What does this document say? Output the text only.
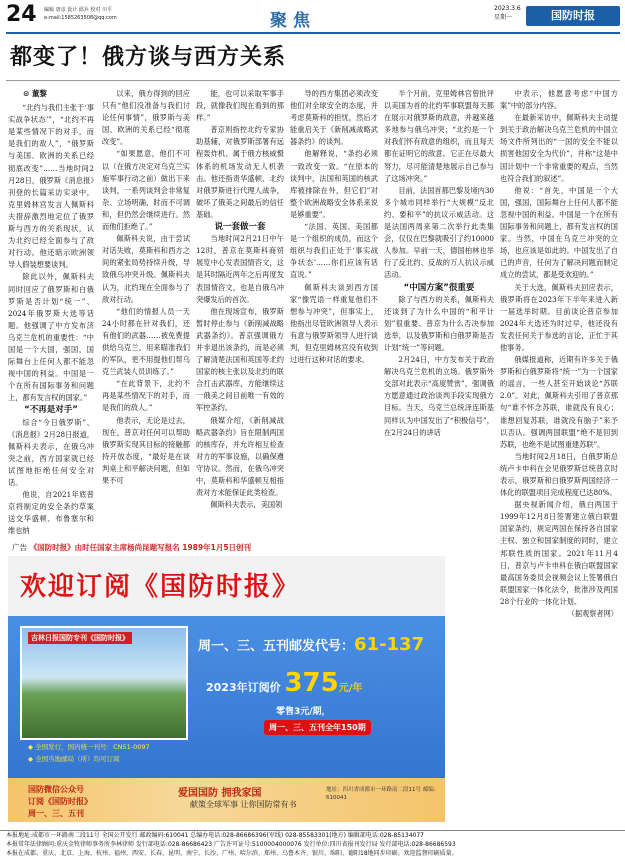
24 编辑 唐彦 设计 邱兵 校对 川平
e-mail:1585263508@qq.com	聚焦
2023.3.6
星期一	国防时报
都变了！俄方谈与西方关系

⊙ 董黎

“北约与我们主张于‘事实战争状态’”，“北约不再是某些情况下的对手，而是我们的敌人”，“俄罗斯与美国、欧洲的关系已经彻底改变”……当地时间2月28日，俄罗斯《消息报》刊登的长篇采访实录中，克里姆林宫发言人佩斯科夫措辞激烈地定位了俄罗斯与西方的关系现状，认为北约已经全面参与了敌对行动。他还暗示欧洲领导人假装想要谈判。

除此以外，佩斯科夫同时回应了俄罗斯和白俄罗斯是否计划“统一”、2024年俄罗斯大选等话题。他强调了中方发布济乌克兰危机的重要性：“中国是一个大国，强国，国际舞台上任何人都不能忽视中国的利益。中国是一个在所有国际事务和问题上，都有发言权的国家。”

“不再是对手”

综合“今日俄罗斯”、《消息报》2月28日报道，佩斯科夫表示，在俄乌冲突之前，西方国家就已经试图地拒绝任何安全对话。

他说，自2021年底普京将制定的安全条约草案送交华盛顿、布鲁塞尔和维也纳

以来，俄方得到的回应只有“他们没准备与我们讨论任何事情”，俄罗斯与美国、欧洲的关系已经“彻底改变”。

“如果愿意，他们不可以（在俄方决定对乌克兰实施军事行动之前）做出下来谈判，一系列谈判会非常复杂、立场明确，时而不可调和，但仍然会继续进行。然而他们拒绝了。”

佩斯科夫说，由于尝试对话失败，莫斯科和西方之间的紧张局势持续升级，导致俄乌冲突升级。佩斯科夫认为，北约现在全面参与了敌对行动。

“他们的情报人员一天24小时都在针对我们，还有他们的武器……被免费提供给乌克兰，用来瞄准我们的军队，更不用提他们帮乌克兰武装人员训练了。”

“在此背景下，北约不再是某些情况下的对手，而是我们的敌人。”

他表示，无论是过去，现在，普京对任何可以帮助俄罗斯实现其目标的接触都持开放态度，“最好是在谈判桌上和平解决问题，但如果不可

能，也可以采取军事手段，就像我们现在看到的那样。”

普京则指控北约专家协助基辅，对俄罗斯部署有远程轰炸机、属于俄方核威慑体系的机场发动无人机袭击。他还指责华盛顿、北约对俄罗斯进行代理人战争，破坏了俄美之间最后的信任基础。

说一套做一套

当地时间2月21日中午12时，普京在莫斯科商贸展览中心发表国情咨文，这是其时隔近两年之后再度发表国情咨文，也是自俄乌冲突爆发后的首次。

他在现场宣布，俄罗斯暂时停止参与《新削减战略武器条约》。普京强调俄方并非退出该条约，而是必须了解清楚法国和英国等北约国家的核主张以及北约的联合打击武器库，方能继续这一俄美之间目前唯一有效的军控条约。

俄媒介绍，《新削减战略武器条约》旨在限制两国的核库存，并允许相互检查对方的军事设施，以确保遵守协议。然而，在俄乌冲突中，莫斯科和华盛顿互相指责对方未能保证此类检查。

佩斯科夫表示，美国领

导的西方集团必须改变他们对全球安全的态度，并考虑莫斯科的担忧，然后才能重启关于《新削减战略武器条约》的谈判。

他解释说，“条约必须一致改变一致。“在原本的谈判中，法国和英国的核武库被排除在外，但它们”对整个欧洲战略安全体系来说是够重要”。

“法国、英国、美国都是一个组织的成员，而这个组织与我们正处于‘事实战争状态’……你们应该有话直说。”

佩斯科夫谈到西方国家“像咒语一样重复他们不想参与冲突”，但事实上，他指出尽管欧洲领导人表示有意与俄罗斯领导人进行谈判，但克里姆林宫没有收到过进行这种对话的要求。

半个月前，克里姆林宫曾批评以美国为首的北约军事联盟每天都在展示对俄罗斯的敌意，并越来越多地参与俄乌冲突；“北约是一个对我们怀有敌意的组织，而且每天都在证明它的敌意。它正在尽最大努力，尽可能清楚地展示自己参与了这场冲突。”

目前，法国首都巴黎及境内30多个城市同样举行“大规模”反北约、要和平”的抗议示威活动。这是法国两周来第二次举行此类集会，仅仅在巴黎就吸引了约10000人参加。早前一天，德国柏林也举行了反北约、反战的万人抗议示威活动。

“中国方案”很重要

除了与西方的关系，佩斯科夫还谈到了为什么中国的“和平计划”很重要、普京为什么否决参加选举，以及俄罗斯和白俄罗斯是否计划“统一”等问题。

2月24日，中方发布关于政治解决乌克兰危机的立场。俄罗斯外交部对此表示“高度赞赏”，强调俄方愿意通过政治谈判手段实现俄方目标。当天，乌克兰总统泽连斯基同样认为中国发出了“积极信号”，在2月24日的讲话

中表示，他愿意考虑“中国方案”中的部分内容。

在最新采访中，佩斯科夫主动提到关于政治解决乌克兰危机的中国立场文件所列出的“一国的安全不能以损害他国安全为代价”，并称“这是中国计划中一个非常重要的观点，当然也符合我们的叙述”。

他说：“首先，中国是一个大国，强国，国际舞台上任何人都不能忽视中国的利益。中国是一个在所有国际事务和问题上，都有发言权的国家。当然，中国在乌克兰冲突的立场，也应该是如此的。中国发出了自己的声音，任何为了解决问题而制定成立的尝试，都是受欢迎的。”

关于大选，佩斯科夫回应表示，俄罗斯将在2023年下半年来进入新一届选举时期。目前谈论普京参加2024年大选还为时过早，他还没有发表任何关于参选的言论，正忙于其他事务。

俄媒报道称，近期有许多关于俄罗斯和白俄罗斯将“统一”为一个国家的谣言，一些人甚至开始谈论“苏联2.0”。对此，佩斯科夫引用了普京那句“谁不怀念苏联，谁就没有良心；谁想回复苏联，谁就没有脑子”来予以否认。强调两国联盟“绝不是回到苏联，也绝不是试图重建苏联”。

当地时间2月18日，白俄罗斯总统卢卡申科在会见俄罗斯总统普京时表示，俄罗斯和白俄罗斯两国经济一体化的联盟项目完成程度已达80%。

据央视新闻介绍，俄白两国于1999年12月8日签署建立俄白联盟国家条约，规定两国在保持各自国家主权、独立和国家制度的同时，建立邦联性质的国家。2021年11月4日，普京与卢卡申科在俄白联盟国家最高国务委员会视频会议上签署俄白联盟国家一体化法令，批准涉及两国28个行业的一体化计划。

（据观察者网）

广告 《国防时报》由时任国家主席杨尚昆题写报名 1989年1月5日创刊
欢迎订阅《国防时报》
吉林日报国防专刊《国防时报》
周一、三、五刊邮发代号：61-137
2023年订阅价 375元/年
零售3元/期，
周一、三、五刊全年150期
◆ 全国发行，国内统一刊号：CN51-0097
◆ 全国当地邮局（所）均可订阅
国防微信公众号
订阅《国防时报》
周一、三、五刊
爱国国防 拥我家国
献策全球军事 让你国防常有书
地址：四川省成都市一环路南二段11号 邮编：610041
本报地址:成都市一环路南二段11号 全国公开发行 邮政编码:610041 总编办电话:028-86686396(军线) 028-85583301(地方) 编辑部电话:028-85134077
本报常年法律顾问:重庆金牧律师事务所李林律师 发行部电话:028-86686423 广告许可证号:5100004000076 发行单位:四川省报刊发行局 发行部电话:028-86686593
本报在成都、重庆、北京、上海、杭州、福州、西安、长春、昆明、南宁、长沙、广州、哈尔滨、郑州、乌鲁木齐、银川、绵阳、德阳18地同步印刷。欢迎监督印刷质量。
